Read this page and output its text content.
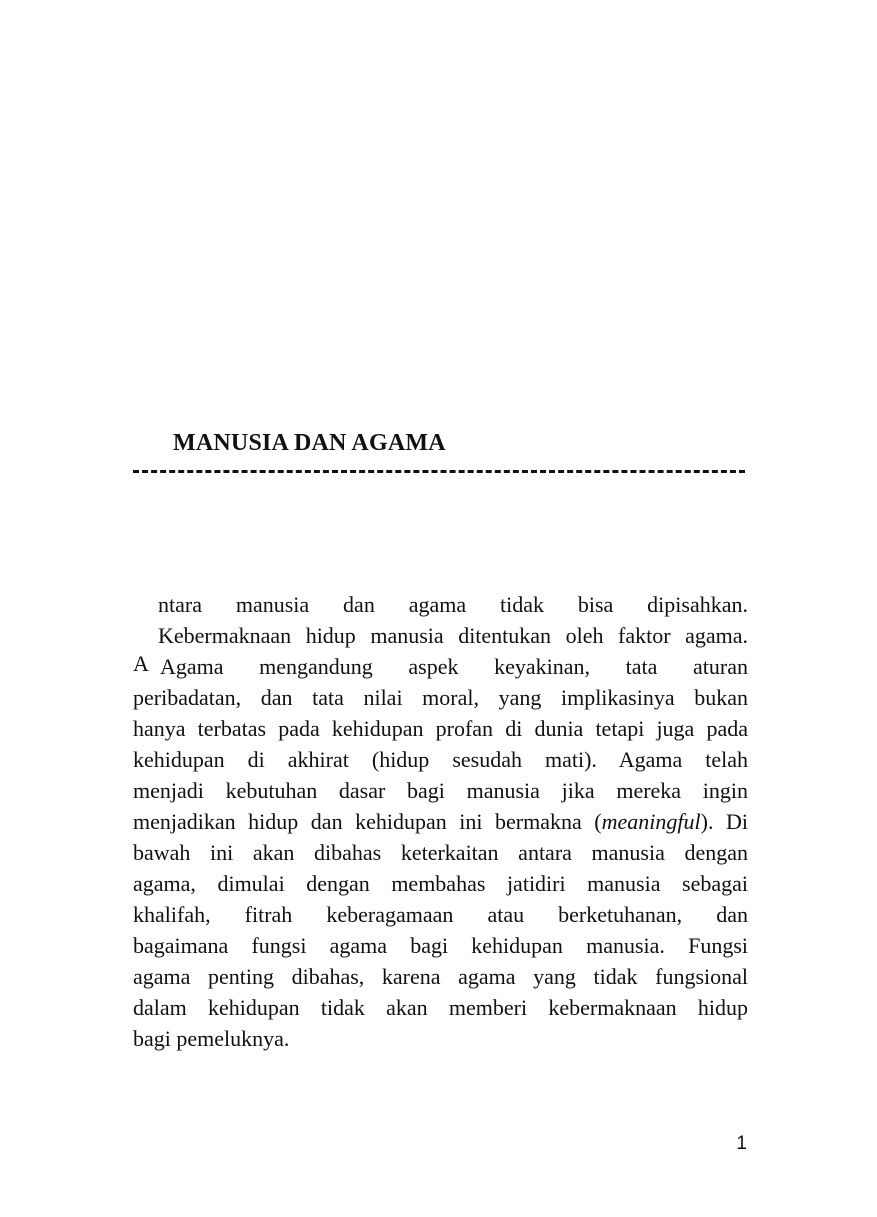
MANUSIA DAN AGAMA
A
ntara manusia dan agama tidak bisa dipisahkan.
Kebermaknaan hidup manusia ditentukan oleh faktor agama.
Agama mengandung aspek keyakinan, tata aturan
peribadatan, dan tata nilai moral, yang implikasinya bukan
hanya terbatas pada kehidupan profan di dunia tetapi juga pada
kehidupan di akhirat (hidup sesudah mati). Agama telah
menjadi kebutuhan dasar bagi manusia jika mereka ingin
menjadikan hidup dan kehidupan ini bermakna (meaningful). Di
bawah ini akan dibahas keterkaitan antara manusia dengan
agama, dimulai dengan membahas jatidiri manusia sebagai
khalifah, fitrah keberagamaan atau berketuhanan, dan
bagaimana fungsi agama bagi kehidupan manusia. Fungsi
agama penting dibahas, karena agama yang tidak fungsional
dalam kehidupan tidak akan memberi kebermaknaan hidup
bagi pemeluknya.
1
